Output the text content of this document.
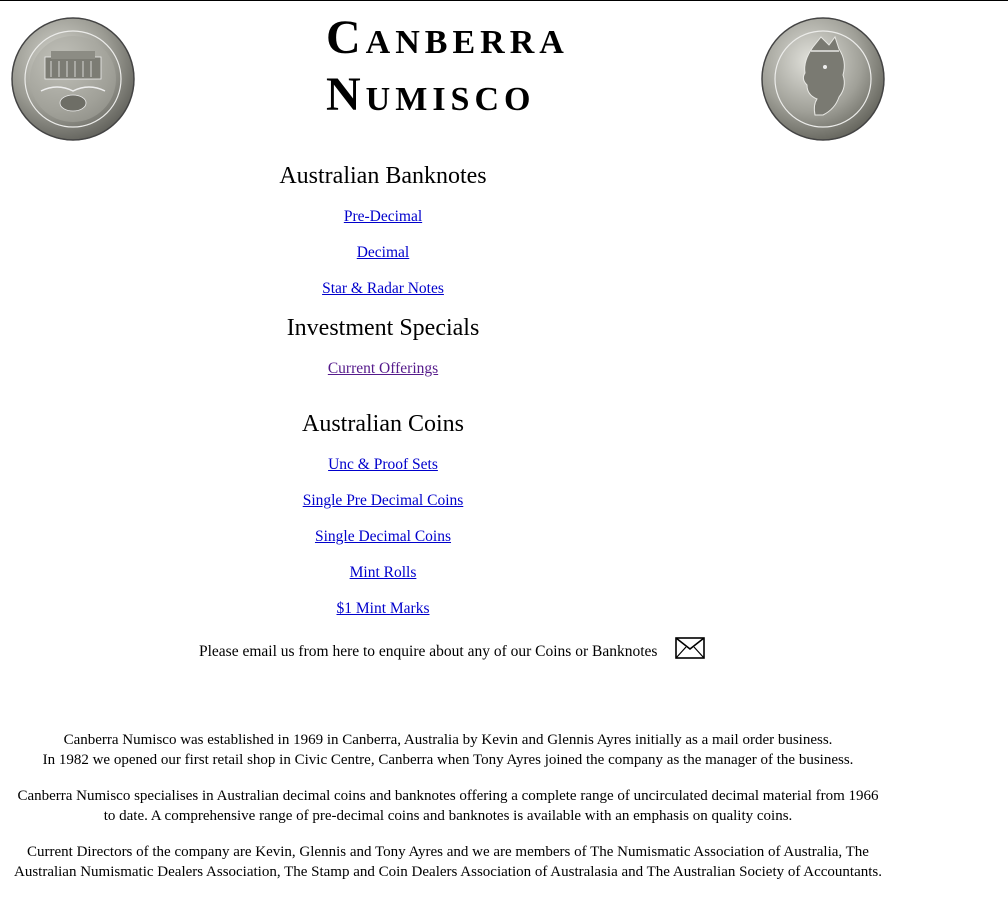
CANBERRA
NUMISCO
Australian Banknotes
Pre-Decimal
Decimal
Star & Radar Notes
Investment Specials
Current Offerings
Australian Coins
Unc & Proof Sets
Single Pre Decimal Coins
Single Decimal Coins
Mint Rolls
$1 Mint Marks
Please email us from here to enquire about any of our Coins or Banknotes
Canberra Numisco was established in 1969 in Canberra, Australia by Kevin and Glennis Ayres initially as a mail order business.
In 1982 we opened our first retail shop in Civic Centre, Canberra when Tony Ayres joined the company as the manager of the business.
Canberra Numisco specialises in Australian decimal coins and banknotes offering a complete range of uncirculated decimal material from 1966
to date. A comprehensive range of pre-decimal coins and banknotes is available with an emphasis on quality coins.
Current Directors of the company are Kevin, Glennis and Tony Ayres and we are members of The Numismatic Association of Australia, The
Australian Numismatic Dealers Association, The Stamp and Coin Dealers Association of Australasia and The Australian Society of Accountants.
